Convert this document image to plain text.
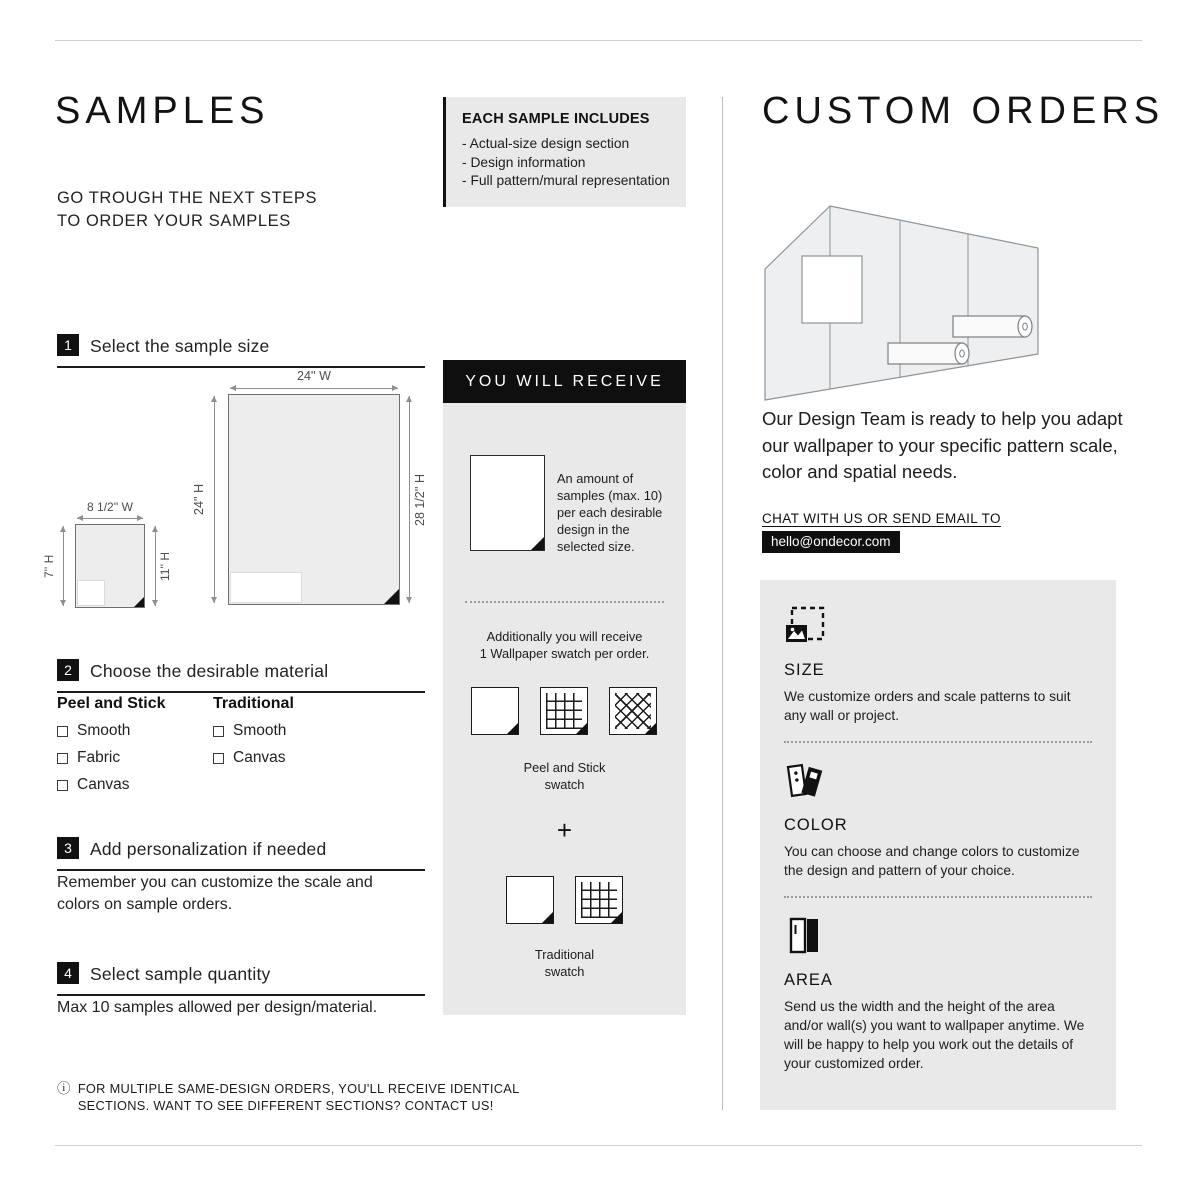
SAMPLES
GO TROUGH THE NEXT STEPS
TO ORDER YOUR SAMPLES
1 Select the sample size
24'' W
24'' H	28 1/2'' H
8 1/2'' W
7'' H	11'' H
2 Choose the desirable material
Peel and Stick
Smooth
Fabric
Canvas
Traditional
Smooth
Canvas
3 Add personalization if needed
Remember you can customize the scale and colors on sample orders.
4 Select sample quantity
Max 10 samples allowed per design/material.
ⓘ FOR MULTIPLE SAME-DESIGN ORDERS, YOU'LL RECEIVE IDENTICAL
SECTIONS. WANT TO SEE DIFFERENT SECTIONS? CONTACT US!
EACH SAMPLE INCLUDES
- Actual-size design section
- Design information
- Full pattern/mural representation
YOU WILL RECEIVE
An amount of samples (max. 10) per each desirable design in the selected size.
Additionally you will receive
1 Wallpaper swatch per order.
Peel and Stick
swatch
+
Traditional
swatch
CUSTOM ORDERS
Our Design Team is ready to help you adapt our wallpaper to your specific pattern scale, color and spatial needs.
CHAT WITH US OR SEND EMAIL TO
hello@ondecor.com
SIZE
We customize orders and scale patterns to suit any wall or project.
COLOR
You can choose and change colors to customize the design and pattern of your choice.
AREA
Send us the width and the height of the area and/or wall(s) you want to wallpaper anytime. We will be happy to help you work out the details of your customized order.
